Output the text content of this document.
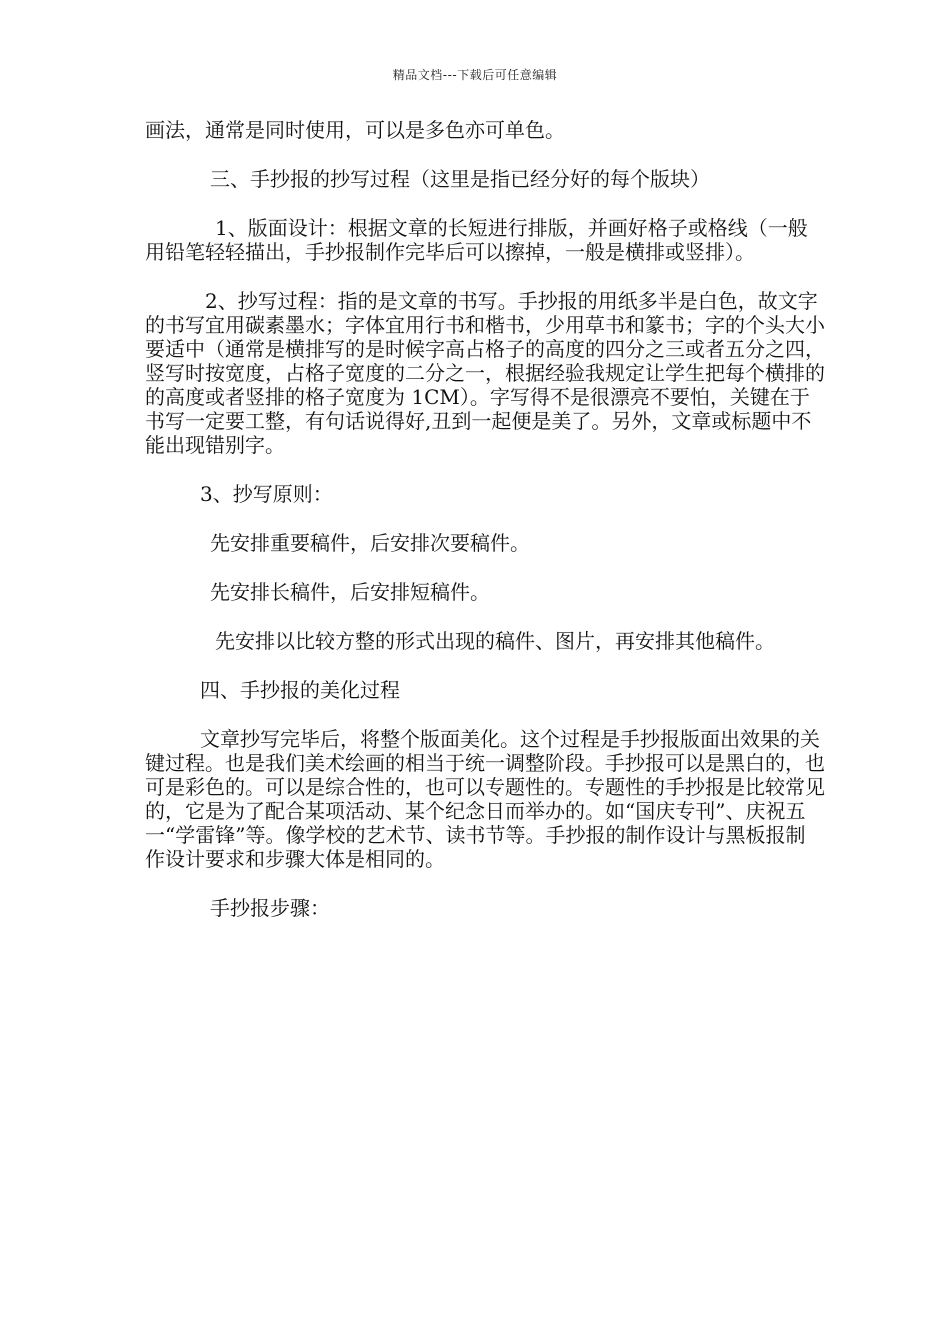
精品文档---下载后可任意编辑

画法，通常是同时使用，可以是多色亦可单色。

三、手抄报的抄写过程（这里是指已经分好的每个版块）

1、版面设计：根据文章的长短进行排版，并画好格子或格线（一般用铅笔轻轻描出，手抄报制作完毕后可以擦掉，一般是横排或竖排）。

2、抄写过程：指的是文章的书写。手抄报的用纸多半是白色，故文字的书写宜用碳素墨水；字体宜用行书和楷书，少用草书和篆书；字的个头大小要适中（通常是横排写的是时候字高占格子的高度的四分之三或者五分之四，竖写时按宽度，占格子宽度的二分之一，根据经验我规定让学生把每个横排的的高度或者竖排的格子宽度为 1CM）。字写得不是很漂亮不要怕，关键在于书写一定要工整，有句话说得好,丑到一起便是美了。另外，文章或标题中不能出现错别字。

3、抄写原则：

先安排重要稿件，后安排次要稿件。

先安排长稿件，后安排短稿件。

先安排以比较方整的形式出现的稿件、图片，再安排其他稿件。

四、手抄报的美化过程

文章抄写完毕后，将整个版面美化。这个过程是手抄报版面出效果的关键过程。也是我们美术绘画的相当于统一调整阶段。手抄报可以是黑白的，也可是彩色的。可以是综合性的，也可以专题性的。专题性的手抄报是比较常见的，它是为了配合某项活动、某个纪念日而举办的。如“国庆专刊”、庆祝五一“学雷锋”等。像学校的艺术节、读书节等。手抄报的制作设计与黑板报制作设计要求和步骤大体是相同的。

手抄报步骤：
